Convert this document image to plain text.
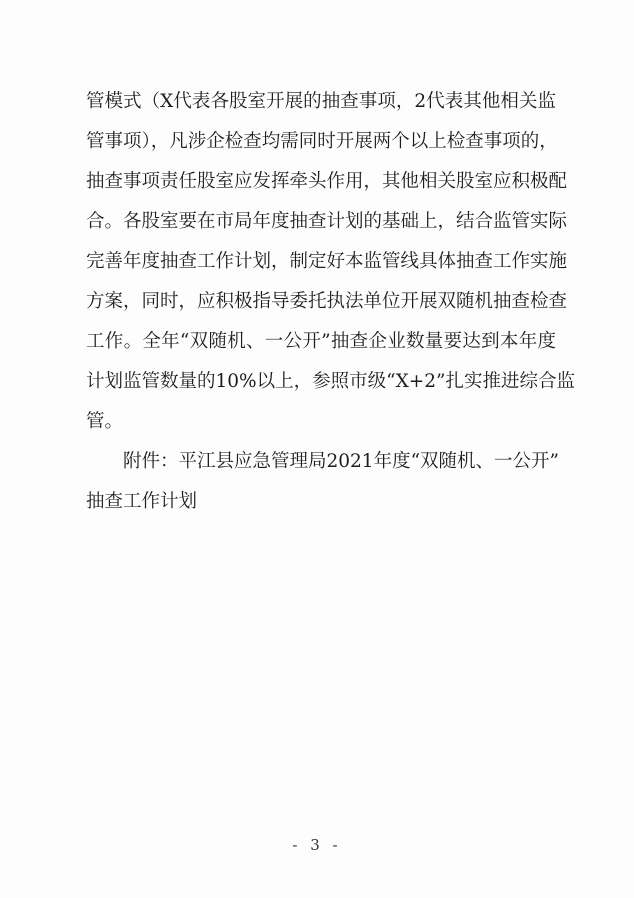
管模式（X代表各股室开展的抽查事项，2代表其他相关监
管事项），凡涉企检查均需同时开展两个以上检查事项的，
抽查事项责任股室应发挥牵头作用，其他相关股室应积极配
合。各股室要在市局年度抽查计划的基础上，结合监管实际
完善年度抽查工作计划，制定好本监管线具体抽查工作实施
方案，同时，应积极指导委托执法单位开展双随机抽查检查
工作。全年“双随机、一公开”抽查企业数量要达到本年度
计划监管数量的10%以上，参照市级“X+2”扎实推进综合监
管。
附件：平江县应急管理局2021年度“双随机、一公开”
抽查工作计划
- 3 -
